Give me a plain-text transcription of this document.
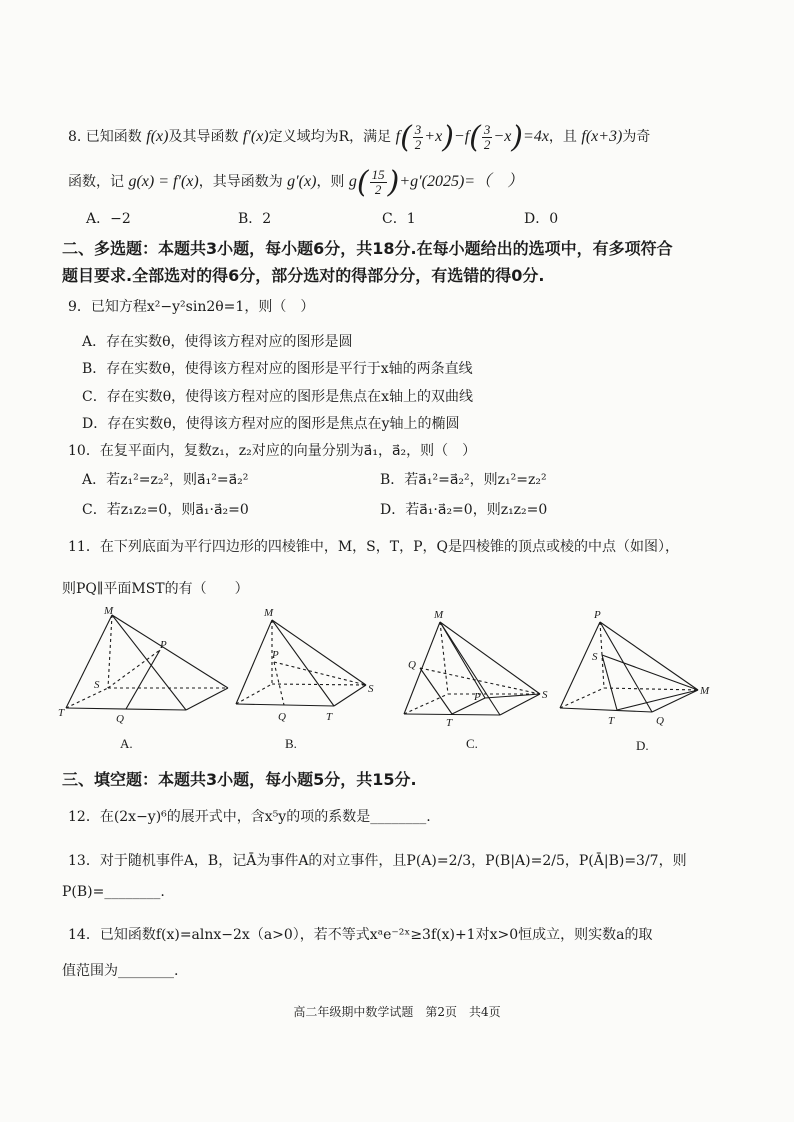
8. 已知函数 f(x)及其导函数 f′(x)定义域均为R，满足 $f( \frac{3}{2} +x)-f( \frac{3}{2} -x)=4x$，且 f(x+3)为奇
函数，记 g(x) = f′(x)，其导函数为 g′(x)，则 $g( \frac{15}{2} )+g'(2025)=$（　）
A．−2	B．2	C．1	D．0
二、多选题：本题共3小题，每小题6分，共18分.在每小题给出的选项中，有多项符合
题目要求.全部选对的得6分，部分选对的得部分分，有选错的得0分.
9．已知方程x²−y²sin2θ=1，则（　）
A．存在实数θ，使得该方程对应的图形是圆
B．存在实数θ，使得该方程对应的图形是平行于x轴的两条直线
C．存在实数θ，使得该方程对应的图形是焦点在x轴上的双曲线
D．存在实数θ，使得该方程对应的图形是焦点在y轴上的椭圆
10．在复平面内，复数z₁，z₂对应的向量分别为a⃗₁，a⃗₂，则（　）
A．若z₁²=z₂²，则a⃗₁²=a⃗₂²	B．若a⃗₁²=a⃗₂²，则z₁²=z₂²
C．若z₁z₂=0，则a⃗₁·a⃗₂=0	D．若a⃗₁·a⃗₂=0，则z₁z₂=0
11．在下列底面为平行四边形的四棱锥中，M，S，T，P，Q是四棱锥的顶点或棱的中点（如图），
则PQ∥平面MST的有（　　）
M
P
S
T	Q
M
P
S
Q	T
M
Q
P	S
T
P
S
M
T	Q
A.	B.	C.	D.
三、填空题：本题共3小题，每小题5分，共15分.
12．在(2x−y)⁶的展开式中，含x⁵y的项的系数是________.
13．对于随机事件A，B，记Ā为事件A的对立事件，且P(A)=2/3，P(B|A)=2/5，P(Ā|B)=3/7，则
P(B)=________.
14．已知函数f(x)=alnx−2x（a>0），若不等式xᵃe⁻²ˣ≥3f(x)+1对x>0恒成立，则实数a的取
值范围为________.
高二年级期中数学试题　第2页　共4页
